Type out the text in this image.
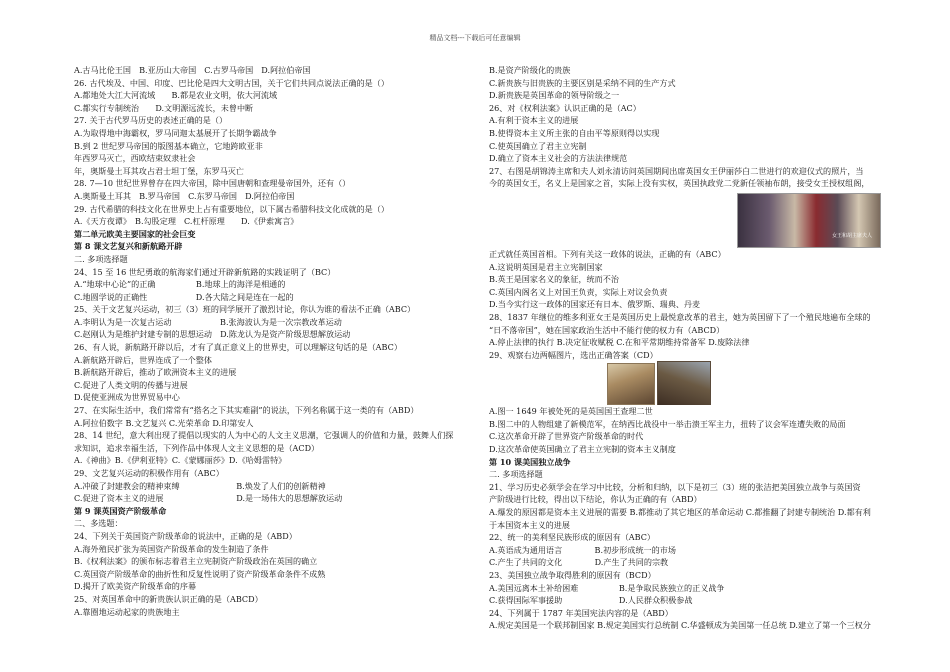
精品文档---下载后可任意编辑
A.古马比伦王国　B.亚历山大帝国　C.古罗马帝国　D.阿拉伯帝国
26. 古代埃及、中国、印度、巴比伦是四大文明古国，关于它们共同点说法正确的是（）
A.都地处大江大河流域　　B.都是农业文明，依大河流域
C.都实行专制统治　　D.文明源远流长，未曾中断
27. 关于古代罗马历史的表述正确的是（）
A.为取得地中海霸权，罗马同迦太基展开了长期争霸战争
B.到 2 世纪罗马帝国的版图基本确立，它地跨欧亚非
年西罗马灭亡，西欧结束奴隶社会
年，奥斯曼土耳其攻占君士坦丁堡，东罗马灭亡
28. 7—10 世纪世界曾存在四大帝国，除中国唐朝和查理曼帝国外，还有（）
A.奥斯曼土耳其　B.罗马帝国　C.东罗马帝国　D.阿拉伯帝国
29. 古代希腊的科技文化在世界史上占有重要地位，以下属古希腊科技文化成就的是（）
A.《天方夜谭》　B.勾股定理　C.杠杆原理　　D.《伊索寓言》
第二单元欧美主要国家的社会巨变
第 8 课文艺复兴和新航路开辟
二. 多项选择题
24、15 至 16 世纪勇敢的航海家们通过开辟新航路的实践证明了（BC）
A.“地球中心论”的正确　　　　　B.地球上的海洋是相通的
C.地圆学说的正确性　　　　　　D.各大陆之间是连在一起的
25、关于文艺复兴运动，初三（3）班的同学展开了激烈讨论，你认为谁的看法不正确（ABC）
A.李明认为是一次复古运动　　　　　　B.张海波认为是一次宗教改革运动
C.赵刚认为是维护封建专制的思想运动　D.陈龙认为是资产阶级思想解放运动
26、有人说，新航路开辟以后，才有了真正意义上的世界史，可以理解这句话的是（ABC）
A.新航路开辟后，世界连成了一个整体
B.新航路开辟后，推动了欧洲资本主义的进展
C.促进了人类文明的传播与进展
D.促使亚洲成为世界贸易中心
27、在实际生活中，我们常常有“搭名之下其实难副”的说法，下列名称属于这一类的有（ABD）
A.阿拉伯数字 B.文艺复兴 C.光荣革命 D.印第安人
28、14 世纪，意大利出现了提倡以现实的人为中心的人文主义思潮，它强调人的价值和力量，鼓舞人们探
求知识，追求幸福生活，下列作品中体现人文主义思想的是（ACD）
A.《神曲》B.《伊利亚特》C.《蒙娜丽莎》D.《哈姆雷特》
29、文艺复兴运动的积极作用有（ABC）
A.冲破了封建教会的精神束缚　　　　　　　B.焕发了人们的创新精神
C.促进了资本主义的进展　　　　　　　　　D.是一场伟大的思想解放运动
第 9 课英国资产阶级革命
二、多选题：
24、下列关于英国资产阶级革命的说法中，正确的是（ABD）
A.海外殖民扩张为英国资产阶级革命的发生制造了条件
B.《权利法案》的颁布标志着君主立宪制资产阶级政治在英国的确立
C.英国资产阶级革命的曲折性和反复性说明了资产阶级革命条件不成熟
D.揭开了欧美资产阶级革命的序幕
25、对英国革命中的新贵族认识正确的是（ABCD）
A.靠圈地运动起家的贵族地主
B.是资产阶级化的贵族
C.新贵族与旧贵族的主要区别是采纳不同的生产方式
D.新贵族是英国革命的领导阶级之一
26、对《权利法案》认识正确的是（AC）
A.有利于资本主义的进展
B.使得资本主义所主张的自由平等原则得以实现
C.使英国确立了君主立宪制
D.确立了资本主义社会的方法法律规范
27、右图是胡锦涛主席和夫人刘永清访问英国期间出席英国女王伊丽莎白二世进行的欢迎仪式的照片，当
今的英国女王，名义上是国家之首，实际上没有实权，英国执政党二党新任领袖布朗，接受女王授权组阁，
女王和胡主席夫人
正式就任英国首相。下列有关这一政体的说法，正确的有（ABC）
A.这说明英国是君主立宪制国家
B.英王是国家名义的象征，统而不治
C.英国内阁名义上对国王负责，实际上对议会负责
D.当今实行这一政体的国家还有日本、俄罗斯、瑞典、丹麦
28、1837 年继位的维多利亚女王是英国历史上最悦意改革的君主，她为英国留下了一个殖民地遍布全球的
“日不落帝国”，她在国家政治生活中不能行使的权力有（ABCD）
A.停止法律的执行 B.决定征收赋税 C.在和平常期维持常备军 D.废除法律
29、观察右边两幅图片，选出正确答案（CD）
A.图一 1649 年被处死的是英国国王查理二世
B.图二中的人物组建了新模范军，在纳西比战役中一举击溃王军主力，扭转了议会军连遭失败的局面
C.这次革命开辟了世界资产阶级革命的时代
D.这次革命使英国确立了君主立宪制的资本主义制度
第 10 课美国独立战争
二. 多项选择题
21、学习历史必须学会在学习中比较，分析和归纳，以下是初三（3）班的张洁把美国独立战争与英国资
产阶级进行比较，得出以下结论，你认为正确的有（ABD）
A.爆发的原因都是资本主义进展的需要 B.都推动了其它地区的革命运动 C.都推翻了封建专制统治 D.都有利
于本国资本主义的进展
22、统一的美利坚民族形成的原因有（ABC）
A.英语成为通用语言　　　　B.初步形成统一的市场
C.产生了共同的文化　　　　D.产生了共同的宗教
23、美国独立战争取得胜利的原因有（BCD）
A.美国远离本土补给困难　　　　　B.是争取民族独立的正义战争
C.获得国际军事援助　　　　　　　D.人民群众积极参战
24、下列属于 1787 年美国宪法内容的是（ABD）
A.规定美国是一个联邦制国家 B.规定美国实行总统制 C.华盛顿成为美国第一任总统 D.建立了第一个三权分
